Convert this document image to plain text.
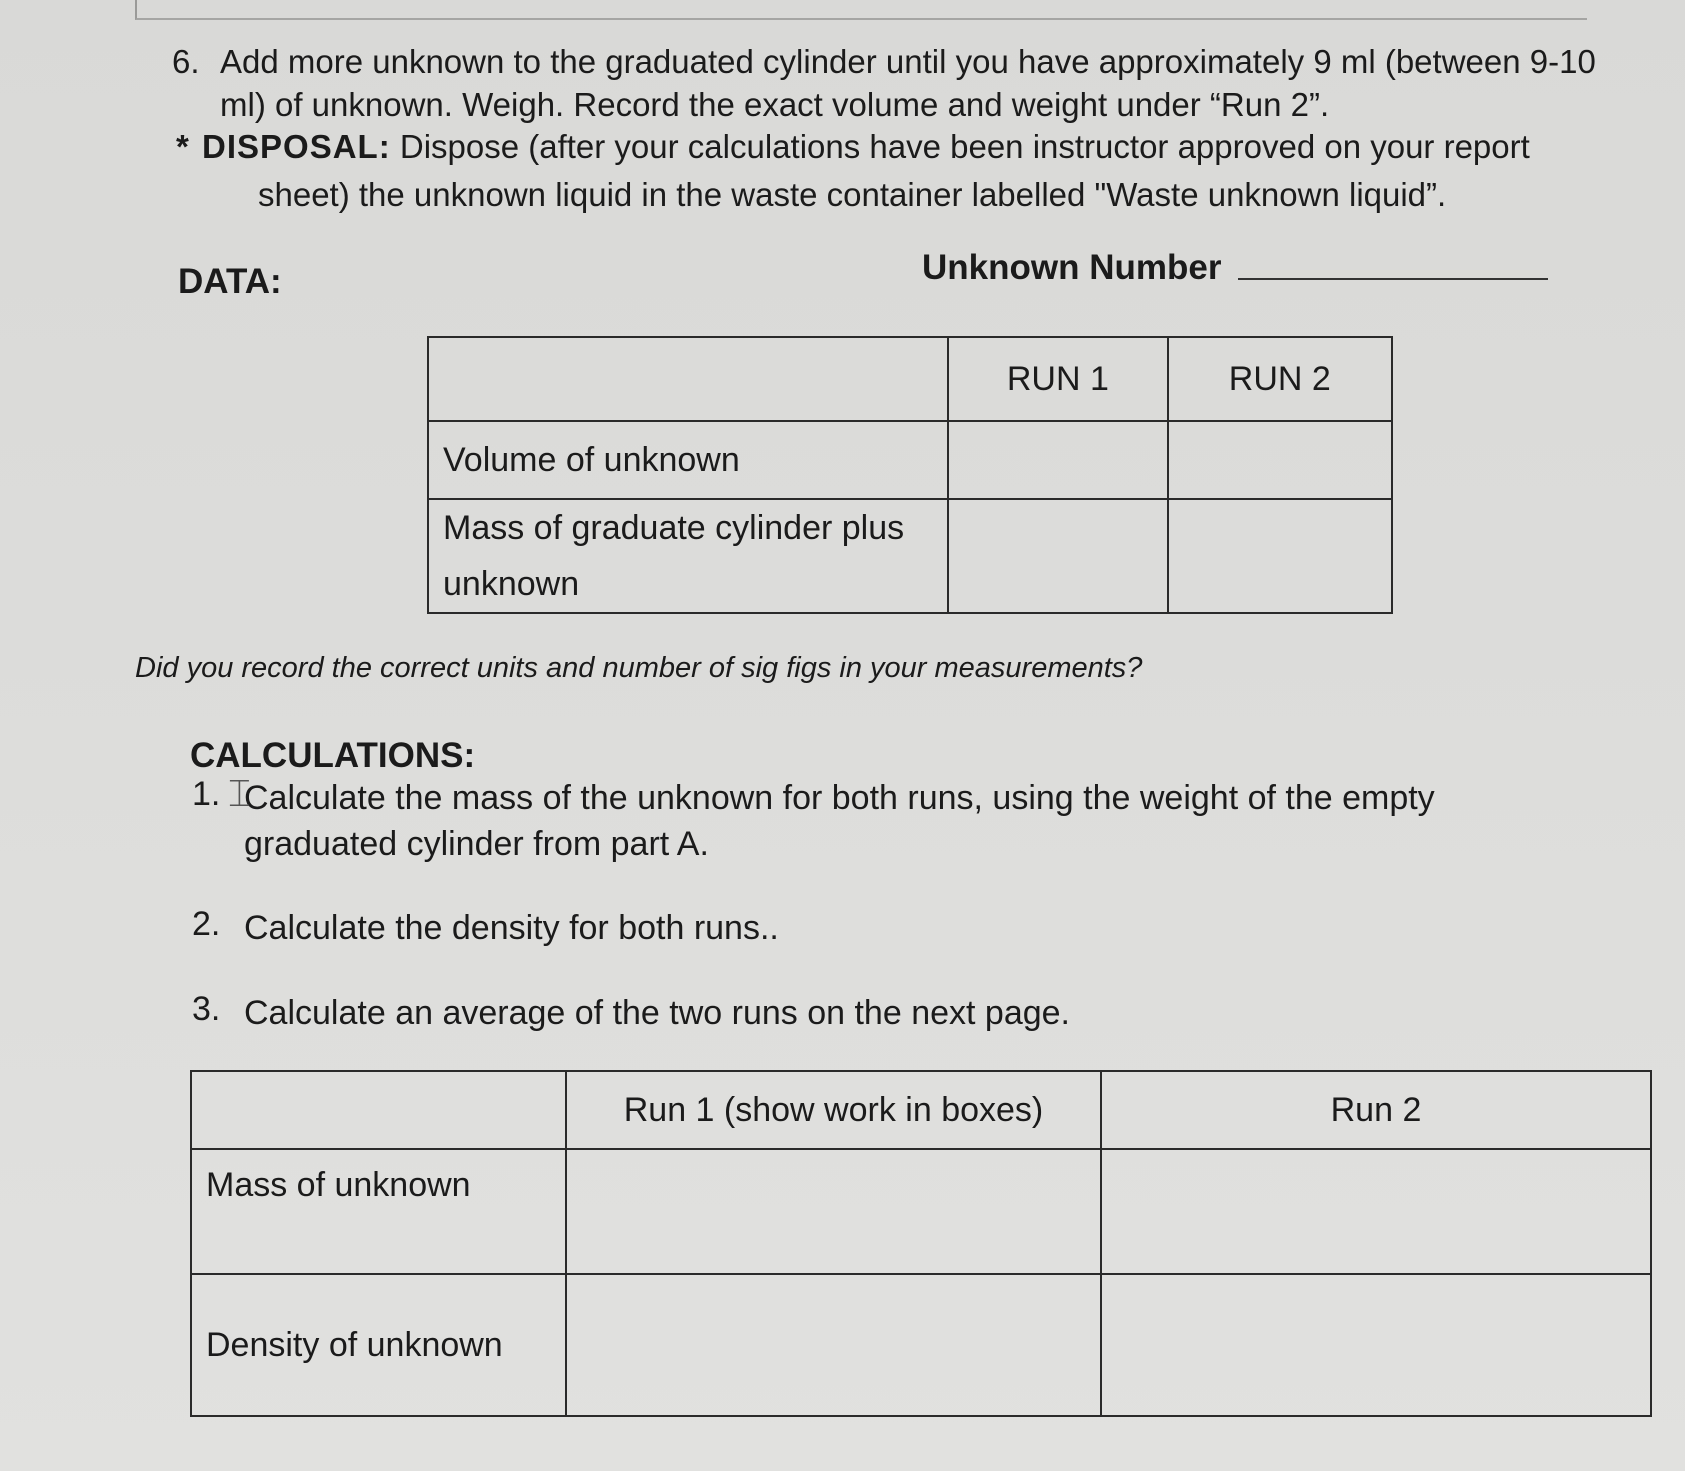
6. Add more unknown to the graduated cylinder until you have approximately 9 ml (between 9-10 ml) of unknown. Weigh. Record the exact volume and weight under “Run 2”.
* DISPOSAL: Dispose (after your calculations have been instructor approved on your report
sheet) the unknown liquid in the waste container labelled "Waste unknown liquid”.
DATA:	Unknown Number
	RUN 1	RUN 2
Volume of unknown		
Mass of graduate cylinder plus unknown		
Did you record the correct units and number of sig figs in your measurements?
CALCULATIONS:
1. Calculate the mass of the unknown for both runs, using the weight of the empty graduated cylinder from part A.
⌶
2. Calculate the density for both runs..
3. Calculate an average of the two runs on the next page.
	Run 1 (show work in boxes)	Run 2
Mass of unknown		
Density of unknown		
